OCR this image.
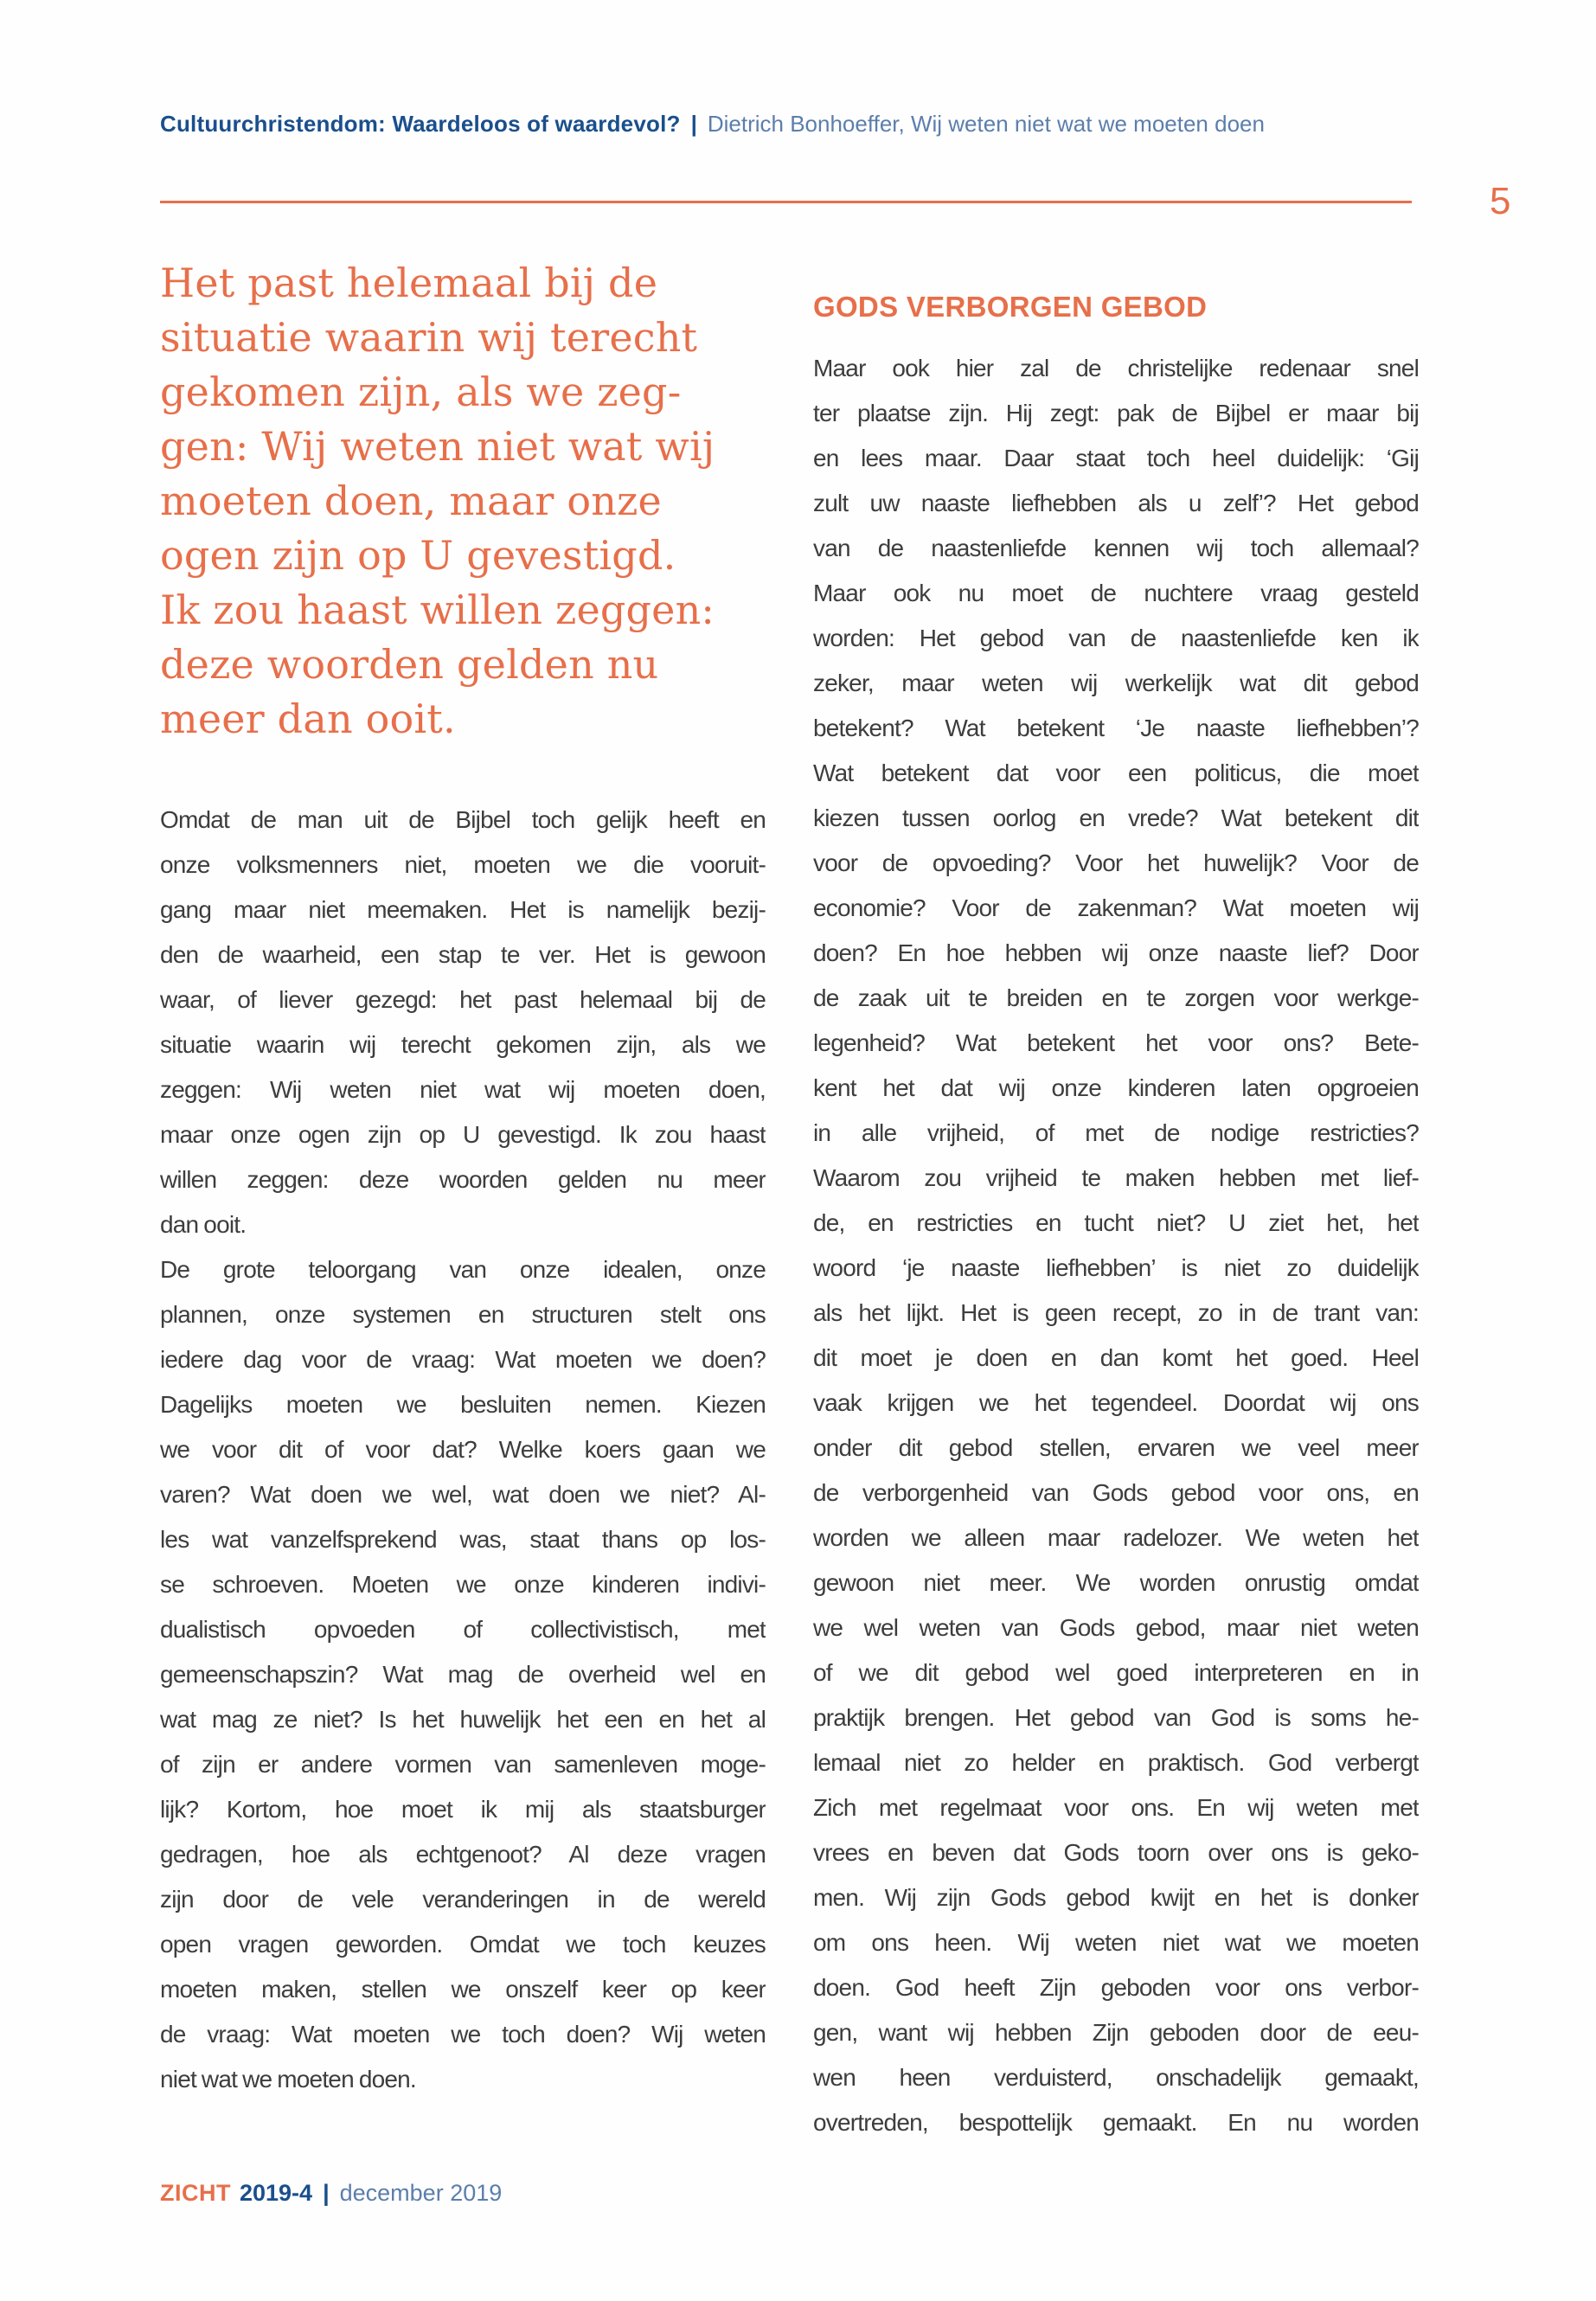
Cultuurchristendom: Waardeloos of waardevol? | Dietrich Bonhoeffer, Wij weten niet wat we moeten doen
5
Het past helemaal bij de
situatie waarin wij terecht
gekomen zijn, als we zeg-
gen: Wij weten niet wat wij
moeten doen, maar onze
ogen zijn op U gevestigd.
Ik zou haast willen zeggen:
deze woorden gelden nu
meer dan ooit.
Omdat de man uit de Bijbel toch gelijk heeft en
onze volksmenners niet, moeten we die vooruit-
gang maar niet meemaken. Het is namelijk bezij-
den de waarheid, een stap te ver. Het is gewoon
waar, of liever gezegd: het past helemaal bij de
situatie waarin wij terecht gekomen zijn, als we
zeggen: Wij weten niet wat wij moeten doen,
maar onze ogen zijn op U gevestigd. Ik zou haast
willen zeggen: deze woorden gelden nu meer
dan ooit.
De grote teloorgang van onze idealen, onze
plannen, onze systemen en structuren stelt ons
iedere dag voor de vraag: Wat moeten we doen?
Dagelijks moeten we besluiten nemen. Kiezen
we voor dit of voor dat? Welke koers gaan we
varen? Wat doen we wel, wat doen we niet? Al-
les wat vanzelfsprekend was, staat thans op los-
se schroeven. Moeten we onze kinderen indivi-
dualistisch opvoeden of collectivistisch, met
gemeenschapszin? Wat mag de overheid wel en
wat mag ze niet? Is het huwelijk het een en het al
of zijn er andere vormen van samenleven moge-
lijk? Kortom, hoe moet ik mij als staatsburger
gedragen, hoe als echtgenoot? Al deze vragen
zijn door de vele veranderingen in de wereld
open vragen geworden. Omdat we toch keuzes
moeten maken, stellen we onszelf keer op keer
de vraag: Wat moeten we toch doen? Wij weten
niet wat we moeten doen.
GODS VERBORGEN GEBOD
Maar ook hier zal de christelijke redenaar snel
ter plaatse zijn. Hij zegt: pak de Bijbel er maar bij
en lees maar. Daar staat toch heel duidelijk: ‘Gij
zult uw naaste liefhebben als u zelf’? Het gebod
van de naastenliefde kennen wij toch allemaal?
Maar ook nu moet de nuchtere vraag gesteld
worden: Het gebod van de naastenliefde ken ik
zeker, maar weten wij werkelijk wat dit gebod
betekent? Wat betekent ‘Je naaste liefhebben’?
Wat betekent dat voor een politicus, die moet
kiezen tussen oorlog en vrede? Wat betekent dit
voor de opvoeding? Voor het huwelijk? Voor de
economie? Voor de zakenman? Wat moeten wij
doen? En hoe hebben wij onze naaste lief? Door
de zaak uit te breiden en te zorgen voor werkge-
legenheid? Wat betekent het voor ons? Bete-
kent het dat wij onze kinderen laten opgroeien
in alle vrijheid, of met de nodige restricties?
Waarom zou vrijheid te maken hebben met lief-
de, en restricties en tucht niet? U ziet het, het
woord ‘je naaste liefhebben’ is niet zo duidelijk
als het lijkt. Het is geen recept, zo in de trant van:
dit moet je doen en dan komt het goed. Heel
vaak krijgen we het tegendeel. Doordat wij ons
onder dit gebod stellen, ervaren we veel meer
de verborgenheid van Gods gebod voor ons, en
worden we alleen maar radelozer. We weten het
gewoon niet meer. We worden onrustig omdat
we wel weten van Gods gebod, maar niet weten
of we dit gebod wel goed interpreteren en in
praktijk brengen. Het gebod van God is soms he-
lemaal niet zo helder en praktisch. God verbergt
Zich met regelmaat voor ons. En wij weten met
vrees en beven dat Gods toorn over ons is geko-
men. Wij zijn Gods gebod kwijt en het is donker
om ons heen. Wij weten niet wat we moeten
doen. God heeft Zijn geboden voor ons verbor-
gen, want wij hebben Zijn geboden door de eeu-
wen heen verduisterd, onschadelijk gemaakt,
overtreden, bespottelijk gemaakt. En nu worden
ZICHT 2019-4 | december 2019
